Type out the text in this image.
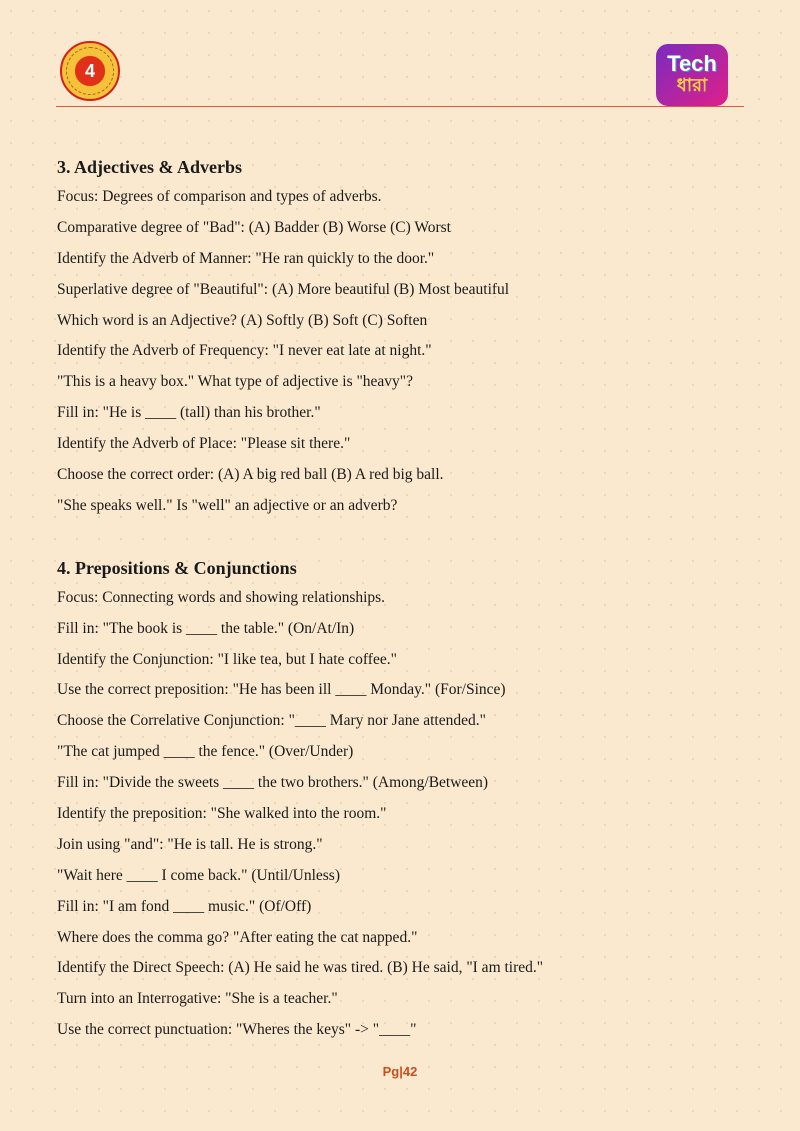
4	Tech
ধারা
3. Adjectives & Adverbs
Focus: Degrees of comparison and types of adverbs.
Comparative degree of "Bad": (A) Badder (B) Worse (C) Worst
Identify the Adverb of Manner: "He ran quickly to the door."
Superlative degree of "Beautiful": (A) More beautiful (B) Most beautiful
Which word is an Adjective? (A) Softly (B) Soft (C) Soften
Identify the Adverb of Frequency: "I never eat late at night."
"This is a heavy box." What type of adjective is "heavy"?
Fill in: "He is ____ (tall) than his brother."
Identify the Adverb of Place: "Please sit there."
Choose the correct order: (A) A big red ball (B) A red big ball.
"She speaks well." Is "well" an adjective or an adverb?
4. Prepositions & Conjunctions
Focus: Connecting words and showing relationships.
Fill in: "The book is ____ the table." (On/At/In)
Identify the Conjunction: "I like tea, but I hate coffee."
Use the correct preposition: "He has been ill ____ Monday." (For/Since)
Choose the Correlative Conjunction: "____ Mary nor Jane attended."
"The cat jumped ____ the fence." (Over/Under)
Fill in: "Divide the sweets ____ the two brothers." (Among/Between)
Identify the preposition: "She walked into the room."
Join using "and": "He is tall. He is strong."
"Wait here ____ I come back." (Until/Unless)
Fill in: "I am fond ____ music." (Of/Off)
Where does the comma go? "After eating the cat napped."
Identify the Direct Speech: (A) He said he was tired. (B) He said, "I am tired."
Turn into an Interrogative: "She is a teacher."
Use the correct punctuation: "Wheres the keys" -> "____"
Pg|42
